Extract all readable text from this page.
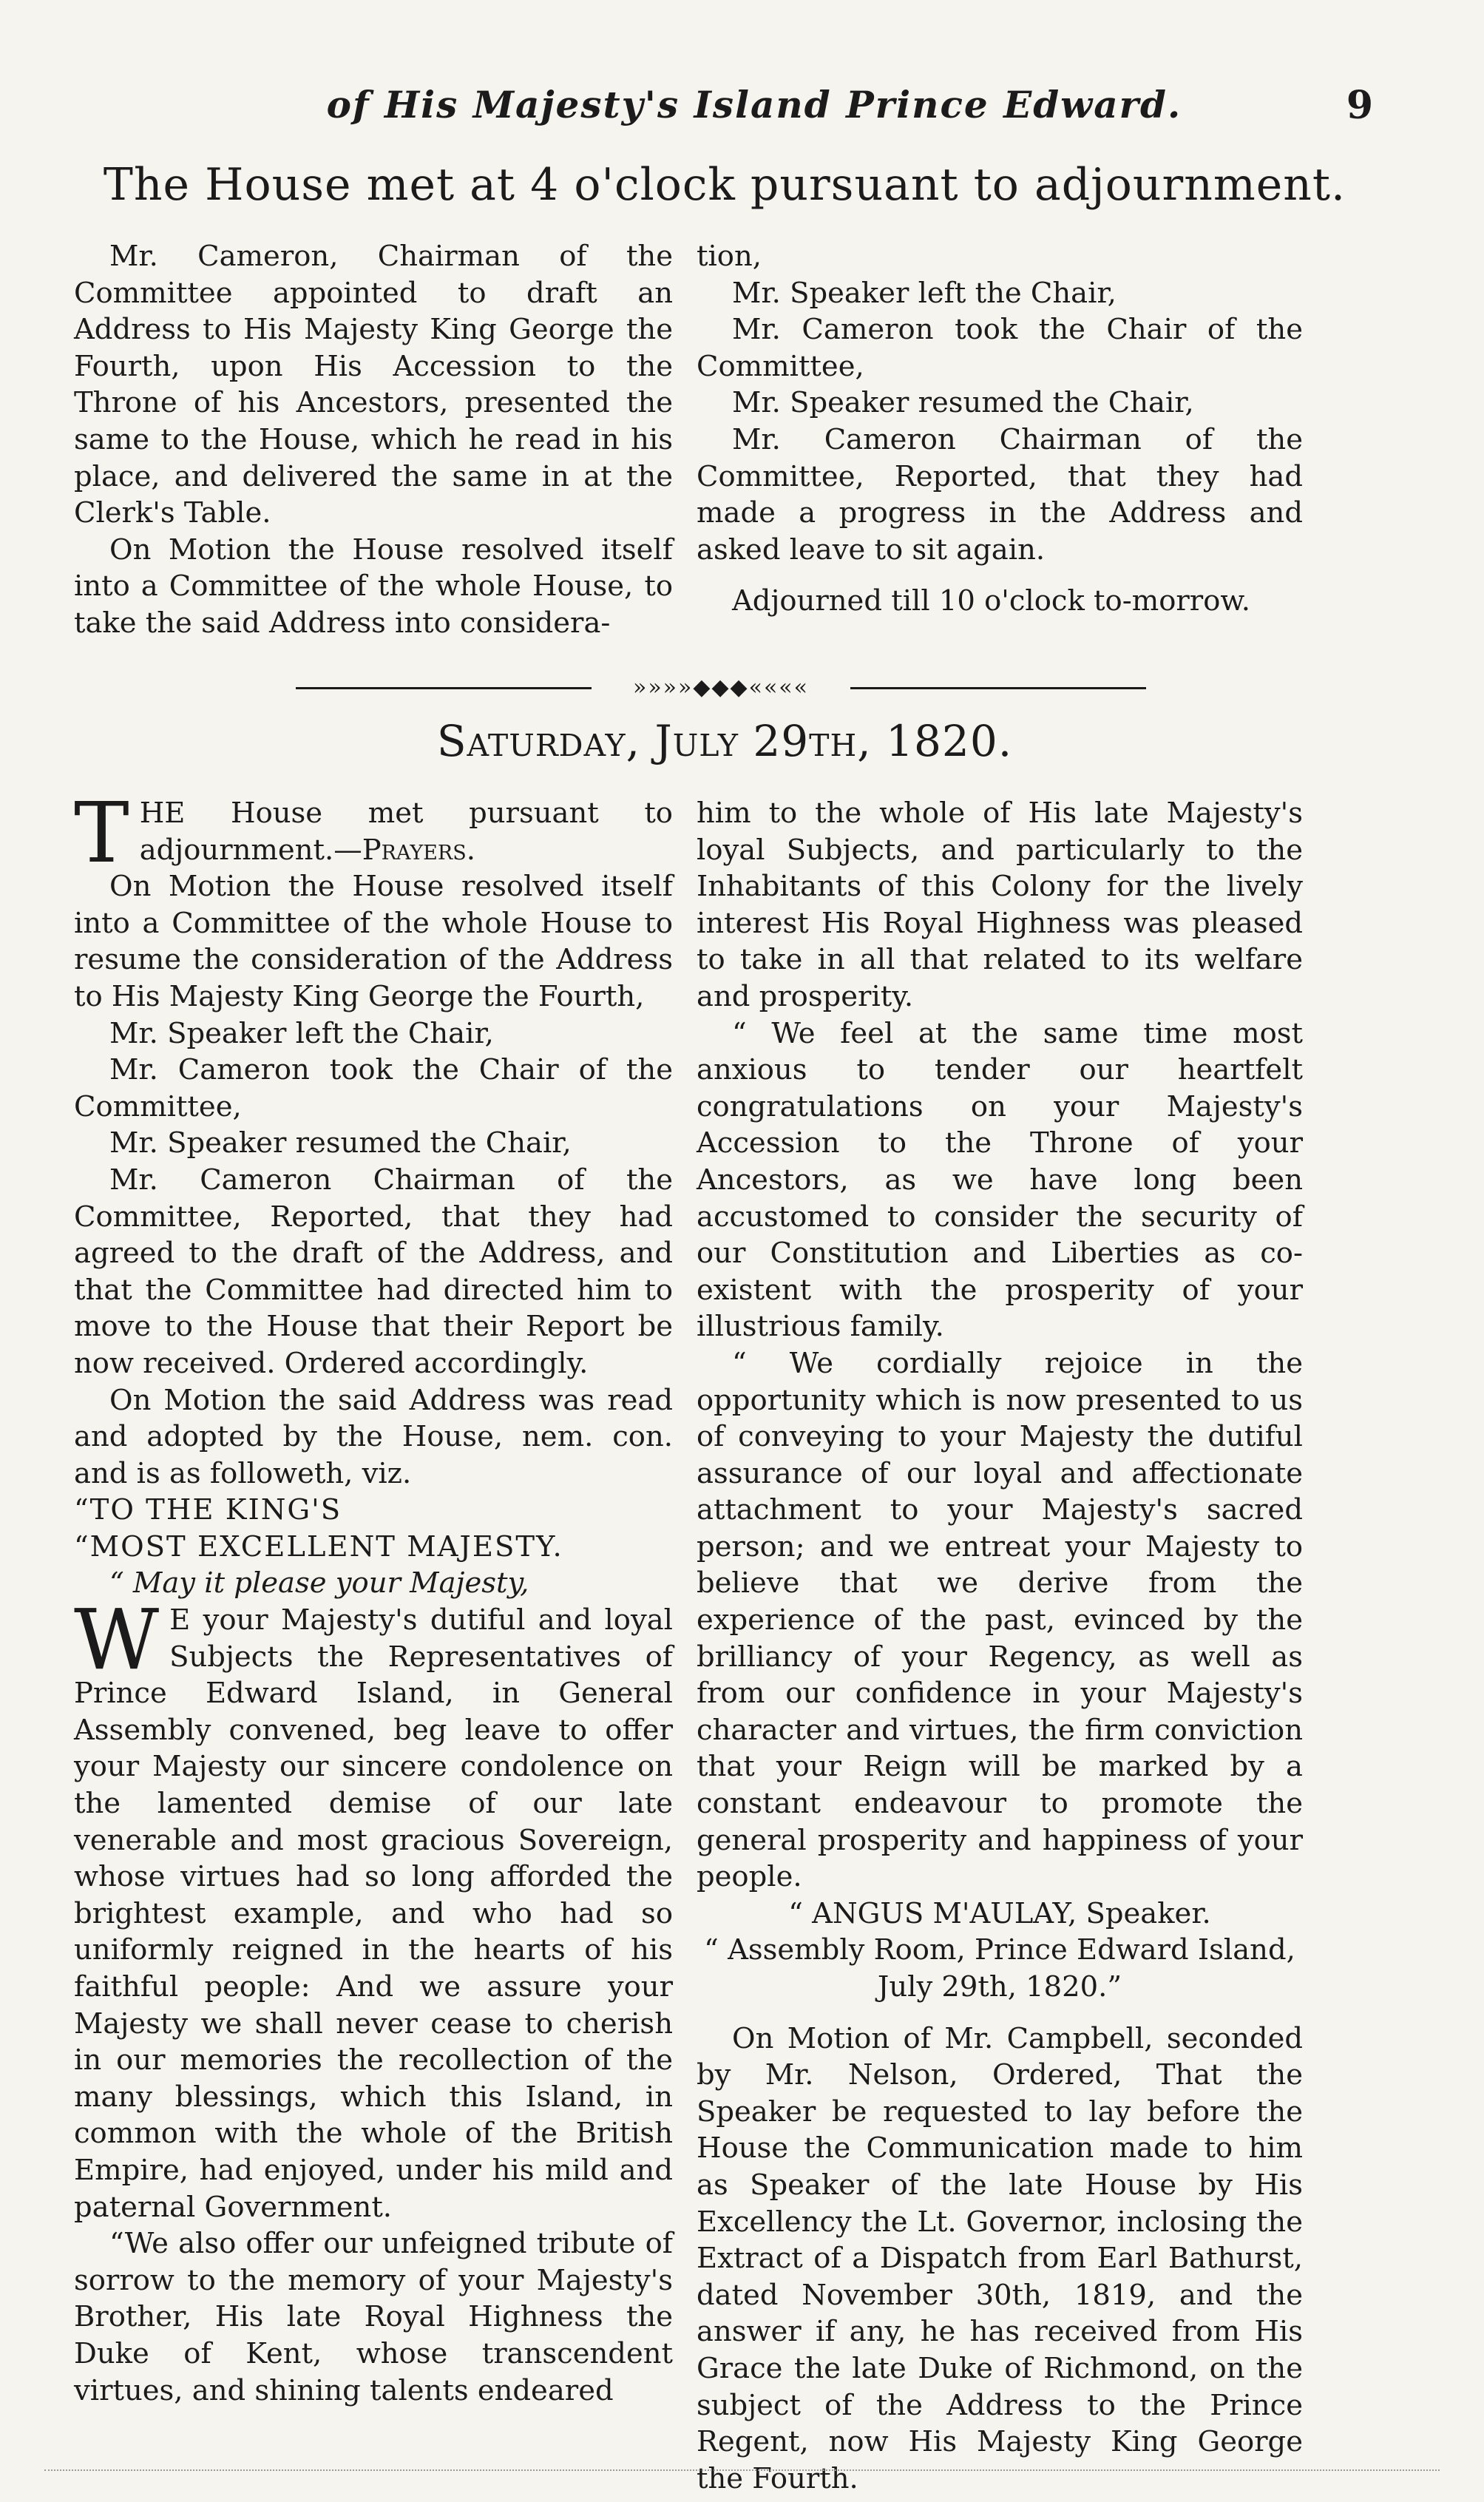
of His Majesty's Island Prince Edward.	9
The House met at 4 o'clock pursuant to adjournment.

Mr. Cameron, Chairman of the Committee appointed to draft an Address to His Majesty King George the Fourth, upon His Accession to the Throne of his Ancestors, presented the same to the House, which he read in his place, and delivered the same in at the Clerk's Table.

On Motion the House resolved itself into a Committee of the whole House, to take the said Address into considera-

tion,

Mr. Speaker left the Chair,

Mr. Cameron took the Chair of the Committee,

Mr. Speaker resumed the Chair,

Mr. Cameron Chairman of the Committee, Reported, that they had made a progress in the Address and asked leave to sit again.

Adjourned till 10 o'clock to-morrow.

»»»»◆◆◆««««
Saturday, July 29th, 1820.

THE House met pursuant to adjournment.—Prayers.

On Motion the House resolved itself into a Committee of the whole House to resume the consideration of the Address to His Majesty King George the Fourth,

Mr. Speaker left the Chair,

Mr. Cameron took the Chair of the Committee,

Mr. Speaker resumed the Chair,

Mr. Cameron Chairman of the Committee, Reported, that they had agreed to the draft of the Address, and that the Committee had directed him to move to the House that their Report be now received. Ordered accordingly.

On Motion the said Address was read and adopted by the House, nem. con. and is as followeth, viz.

“TO THE KING'S

“MOST EXCELLENT MAJESTY.

“ May it please your Majesty,

W E your Majesty's dutiful and loyal Subjects the Representatives of Prince Edward Island, in General Assembly convened, beg leave to offer your Majesty our sincere condolence on the lamented demise of our late venerable and most gracious Sovereign, whose virtues had so long afforded the brightest example, and who had so uniformly reigned in the hearts of his faithful people: And we assure your Majesty we shall never cease to cherish in our memories the recollection of the many blessings, which this Island, in common with the whole of the British Empire, had enjoyed, under his mild and paternal Government.

“We also offer our unfeigned tribute of sorrow to the memory of your Majesty's Brother, His late Royal Highness the Duke of Kent, whose transcendent virtues, and shining talents endeared

him to the whole of His late Majesty's loyal Subjects, and particularly to the Inhabitants of this Colony for the lively interest His Royal Highness was pleased to take in all that related to its welfare and prosperity.

“ We feel at the same time most anxious to tender our heartfelt congratulations on your Majesty's Accession to the Throne of your Ancestors, as we have long been accustomed to consider the security of our Constitution and Liberties as co-existent with the prosperity of your illustrious family.

“ We cordially rejoice in the opportunity which is now presented to us of conveying to your Majesty the dutiful assurance of our loyal and affectionate attachment to your Majesty's sacred person; and we entreat your Majesty to believe that we derive from the experience of the past, evinced by the brilliancy of your Regency, as well as from our confidence in your Majesty's character and virtues, the firm conviction that your Reign will be marked by a constant endeavour to promote the general prosperity and happiness of your people.

“ ANGUS M'AULAY, Speaker.

“ Assembly Room, Prince Edward Island, July 29th, 1820.”

On Motion of Mr. Campbell, seconded by Mr. Nelson, Ordered, That the Speaker be requested to lay before the House the Communication made to him as Speaker of the late House by His Excellency the Lt. Governor, inclosing the Extract of a Dispatch from Earl Bathurst, dated November 30th, 1819, and the answer if any, he has received from His Grace the late Duke of Richmond, on the subject of the Address to the Prince Regent, now His Majesty King George the Fourth.
